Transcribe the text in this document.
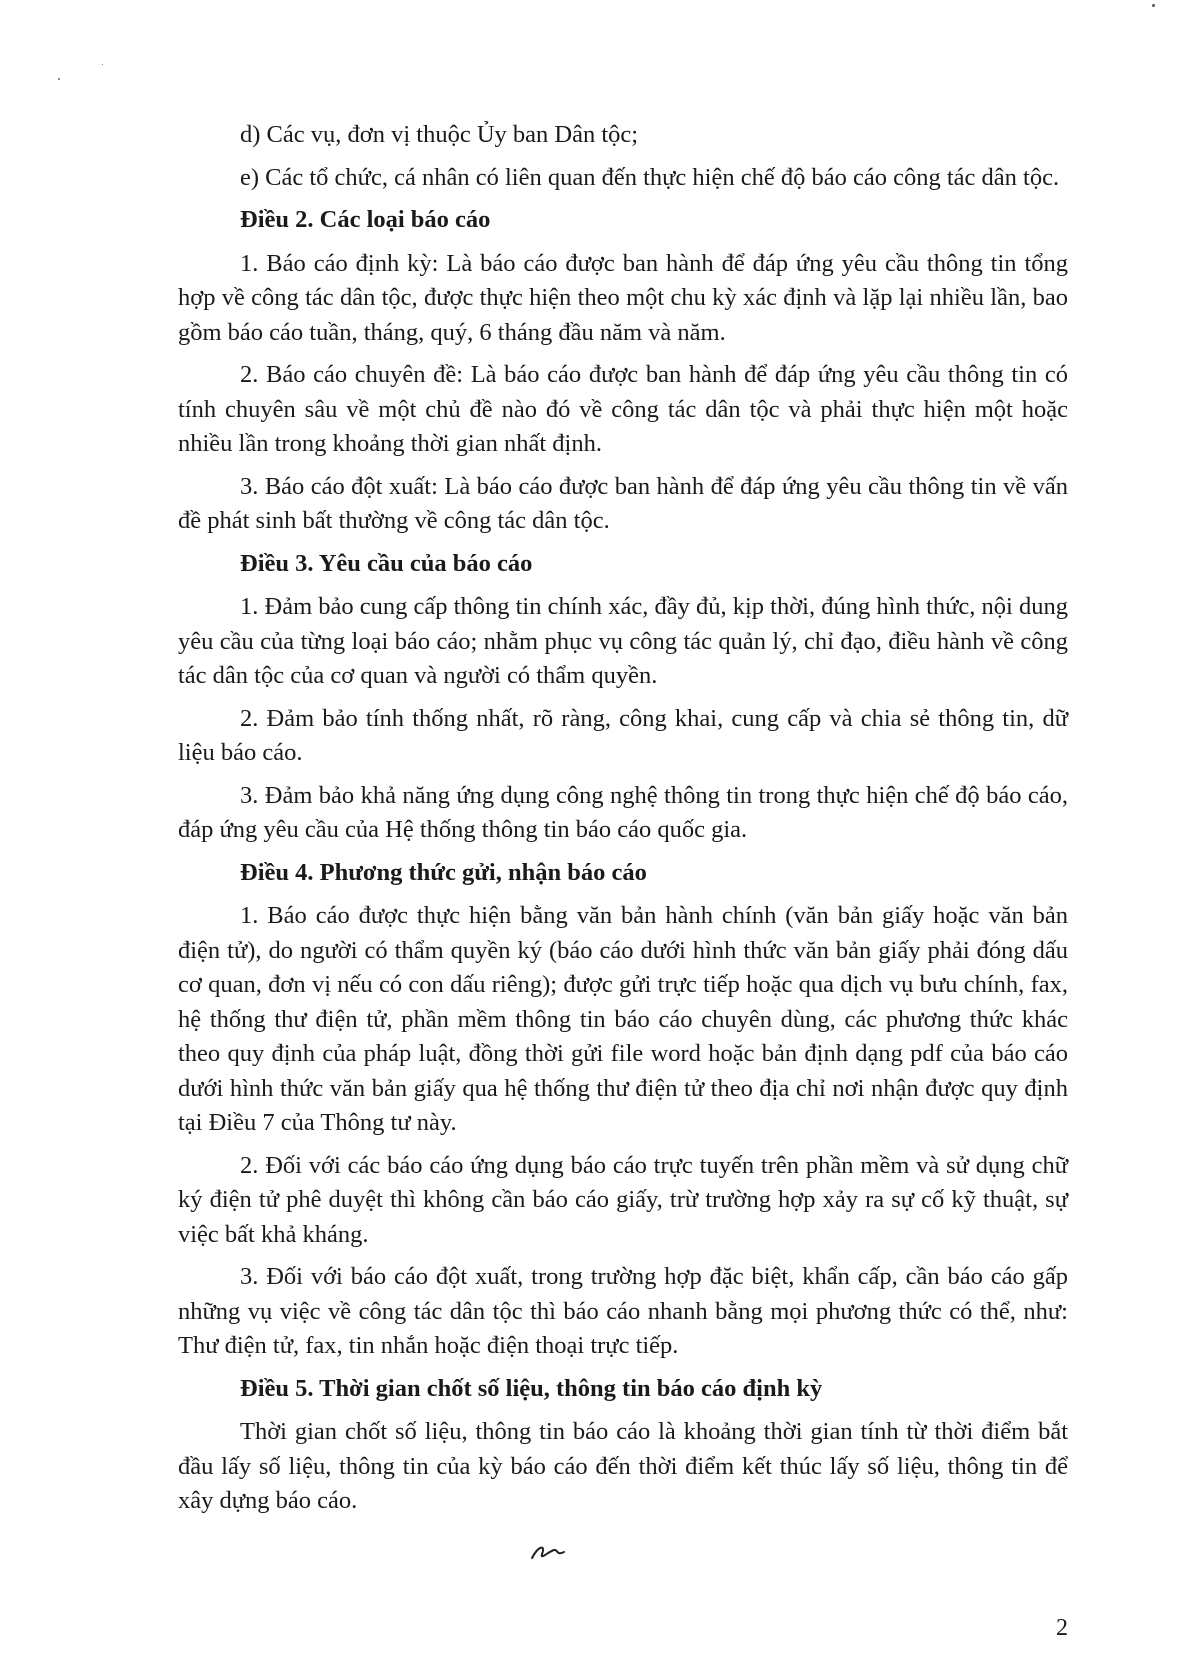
d) Các vụ, đơn vị thuộc Ủy ban Dân tộc;

e) Các tổ chức, cá nhân có liên quan đến thực hiện chế độ báo cáo công tác dân tộc.

Điều 2. Các loại báo cáo

1. Báo cáo định kỳ: Là báo cáo được ban hành để đáp ứng yêu cầu thông tin tổng hợp về công tác dân tộc, được thực hiện theo một chu kỳ xác định và lặp lại nhiều lần, bao gồm báo cáo tuần, tháng, quý, 6 tháng đầu năm và năm.

2. Báo cáo chuyên đề: Là báo cáo được ban hành để đáp ứng yêu cầu thông tin có tính chuyên sâu về một chủ đề nào đó về công tác dân tộc và phải thực hiện một hoặc nhiều lần trong khoảng thời gian nhất định.

3. Báo cáo đột xuất: Là báo cáo được ban hành để đáp ứng yêu cầu thông tin về vấn đề phát sinh bất thường về công tác dân tộc.

Điều 3. Yêu cầu của báo cáo

1. Đảm bảo cung cấp thông tin chính xác, đầy đủ, kịp thời, đúng hình thức, nội dung yêu cầu của từng loại báo cáo; nhằm phục vụ công tác quản lý, chỉ đạo, điều hành về công tác dân tộc của cơ quan và người có thẩm quyền.

2. Đảm bảo tính thống nhất, rõ ràng, công khai, cung cấp và chia sẻ thông tin, dữ liệu báo cáo.

3. Đảm bảo khả năng ứng dụng công nghệ thông tin trong thực hiện chế độ báo cáo, đáp ứng yêu cầu của Hệ thống thông tin báo cáo quốc gia.

Điều 4. Phương thức gửi, nhận báo cáo

1. Báo cáo được thực hiện bằng văn bản hành chính (văn bản giấy hoặc văn bản điện tử), do người có thẩm quyền ký (báo cáo dưới hình thức văn bản giấy phải đóng dấu cơ quan, đơn vị nếu có con dấu riêng); được gửi trực tiếp hoặc qua dịch vụ bưu chính, fax, hệ thống thư điện tử, phần mềm thông tin báo cáo chuyên dùng, các phương thức khác theo quy định của pháp luật, đồng thời gửi file word hoặc bản định dạng pdf của báo cáo dưới hình thức văn bản giấy qua hệ thống thư điện tử theo địa chỉ nơi nhận được quy định tại Điều 7 của Thông tư này.

2. Đối với các báo cáo ứng dụng báo cáo trực tuyến trên phần mềm và sử dụng chữ ký điện tử phê duyệt thì không cần báo cáo giấy, trừ trường hợp xảy ra sự cố kỹ thuật, sự việc bất khả kháng.

3. Đối với báo cáo đột xuất, trong trường hợp đặc biệt, khẩn cấp, cần báo cáo gấp những vụ việc về công tác dân tộc thì báo cáo nhanh bằng mọi phương thức có thể, như: Thư điện tử, fax, tin nhắn hoặc điện thoại trực tiếp.

Điều 5. Thời gian chốt số liệu, thông tin báo cáo định kỳ

Thời gian chốt số liệu, thông tin báo cáo là khoảng thời gian tính từ thời điểm bắt đầu lấy số liệu, thông tin của kỳ báo cáo đến thời điểm kết thúc lấy số liệu, thông tin để xây dựng báo cáo.

2
